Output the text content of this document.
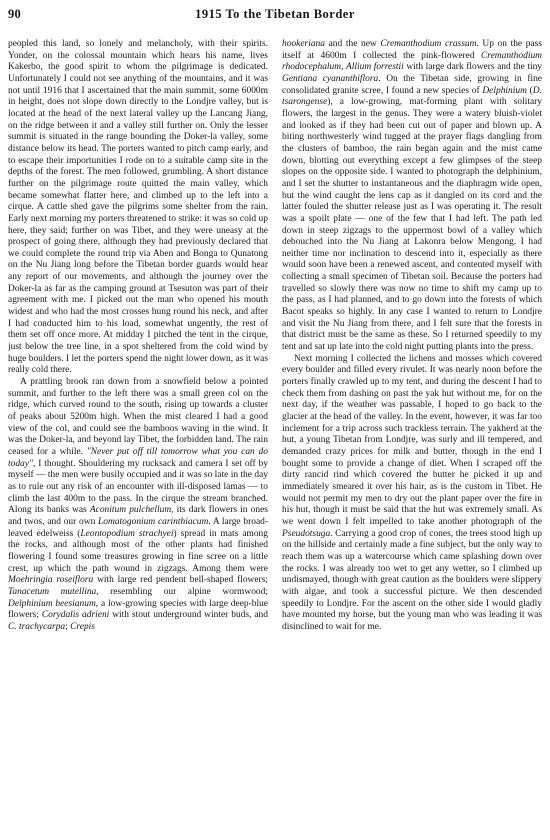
90	1915 To the Tibetan Border

peopled this land, so lonely and melancholy, with their spirits. Yonder, on the colossal mountain which hears his name, lives Kakerbo, the good spirit to whom the pilgrimage is dedicated. Unfortunately I could not see anything of the mountains, and it was not until 1916 that I ascertained that the main summit, some 6000m in height, does not slope down directly to the Londjre valley, but is located at the head of the next lateral valley up the Lancang Jiang, on the ridge between it and a valley still further on. Only the lesser summit is situated in the range bounding the Doker-la valley, some distance below its head. The porters wanted to pitch camp early, and to escape their importunities I rode on to a suitable camp site in the depths of the forest. The men followed, grumbling. A short distance further on the pilgrimage route quitted the main valley, which became somewhat flatter here, and climbed up to the left into a cirque. A cattle shed gave the pilgrims some shelter from the rain. Early next morning my porters threatened to strike: it was so cold up here, they said; further on was Tibet, and they were uneasy at the prospect of going there, although they had previously declared that we could complete the round trip via Aben and Bonga to Qunatong on the Nu Jiang long before the Tibetan border guards would hear any report of our movements, and although the journey over the Doker-la as far as the camping ground at Tsesuton was part of their agreement with me. I picked out the man who opened his mouth widest and who had the most crosses hung round his neck, and after I had conducted him to his load, somewhat ungently, the rest of them set off once more. At midday I pitched the tent in the cirque, just below the tree line, in a spot sheltered from the cold wind by huge boulders. I let the porters spend the night lower down, as it was really cold there.

A prattling brook ran down from a snowfield below a pointed summit, and further to the left there was a small green col on the ridge, which curved round to the south, rising up towards a cluster of peaks about 5200m high. When the mist cleared I had a good view of the col, and could see the bamboos waving in the wind. It was the Doker-la, and beyond lay Tibet, the forbidden land. The rain ceased for a while. "Never put off till tomorrow what you can do today", I thought. Shouldering my rucksack and camera I set off by myself — the men were busily occupied and it was so late in the day as to rule out any risk of an encounter with ill-disposed lamas — to climb the last 400m to the pass. In the cirque the stream branched. Along its banks was Aconitum pulchellum, its dark flowers in ones and twos, and our own Lomatogonium carinthiacum. A large broad-leaved edelweiss (Leontopodium strachyei) spread in mats among the rocks, and although most of the other plants had finished flowering I found some treasures growing in fine scree on a little crest, up which the path wound in zigzags. Among them were Moehringia roseiflora with large red pendent bell-shaped flowers; Tanacetum mutellina, resembling our alpine wormwood; Delphinium beesianum, a low-growing species with large deep-blue flowers; Corydalis adrieni with stout underground winter buds, and C. trachycarpa; Crepis

hookeriana and the new Cremanthodium crassum. Up on the pass itself at 4600m I collected the pink-flowered Cremanthodium rhodocephalum, Allium forrestii with large dark flowers and the tiny Gentiana cyananthiflora. On the Tibetan side, growing in fine consolidated granite scree, I found a new species of Delphinium (D. tsarongense), a low-growing, mat-forming plant with solitary flowers, the largest in the genus. They were a watery bluish-violet and looked as if they had been cut out of paper and blown up. A biting northwesterly wind tugged at the prayer flags dangling from the clusters of bamboo, the rain began again and the mist came down, blotting out everything except a few glimpses of the steep slopes on the opposite side. I wanted to photograph the delphinium, and I set the shutter to instantaneous and the diaphragm wide open, but the wind caught the lens cap as it dangled on its cord and the latter fouled the shutter release just as I was operating it. The result was a spoilt plate — one of the few that I had left. The path led down in steep zigzags to the uppermost bowl of a valley which debouched into the Nu Jiang at Lakonra below Mengong. I had neither time nor inclination to descend into it, especially as there would soon have been a renewed ascent, and contented myself with collecting a small specimen of Tibetan soil. Because the porters had travelled so slowly there was now no time to shift my camp up to the pass, as I had planned, and to go down into the forests of which Bacot speaks so highly. In any case I wanted to return to Londjre and visit the Nu Jiang from there, and I felt sure that the forests in that district must be the same as these. So I returned speedily to my tent and sat up late into the cold night putting plants into the press.

Next morning I collected the lichens and mosses which covered every boulder and filled every rivulet. It was nearly noon before the porters finally crawled up to my tent, and during the descent I had to check them from dashing on past the yak hut without me, for on the next day, if the weather was passable, I hoped to go back to the glacier at the head of the valley. In the event, however, it was far too inclement for a trip across such trackless terrain. The yakherd at the hut, a young Tibetan from Londjre, was surly and ill tempered, and demanded crazy prices for milk and butter, though in the end I bought some to provide a change of diet. When I scraped off the dirty rancid rind which covered the butter he picked it up and immediately smeared it over his hair, as is the custom in Tibet. He would not permit my men to dry out the plant paper over the fire in his hut, though it must be said that the hut was extremely small. As we went down I felt impelled to take another photograph of the Pseudotsuga. Carrying a good crop of cones, the trees stood high up on the hillside and certainly made a fine subject, but the only way to reach them was up a watercourse which came splashing down over the rocks. I was already too wet to get any wetter, so I climbed up undismayed, though with great caution as the boulders were slippery with algae, and took a successful picture. We then descended speedily to Londjre. For the ascent on the other side I would gladly have mounted my horse, but the young man who was leading it was disinclined to wait for me.
